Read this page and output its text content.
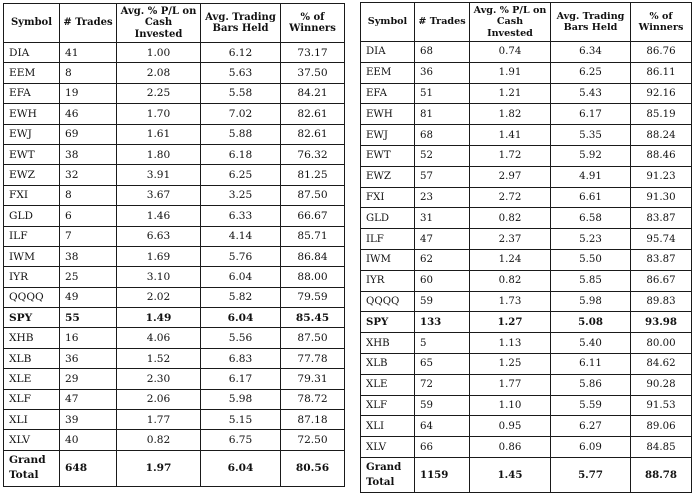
Symbol	# Trades	Avg. % P/L on Cash Invested	Avg. Trading Bars Held	% of Winners
DIA	41	1.00	6.12	73.17
EEM	8	2.08	5.63	37.50
EFA	19	2.25	5.58	84.21
EWH	46	1.70	7.02	82.61
EWJ	69	1.61	5.88	82.61
EWT	38	1.80	6.18	76.32
EWZ	32	3.91	6.25	81.25
FXI	8	3.67	3.25	87.50
GLD	6	1.46	6.33	66.67
ILF	7	6.63	4.14	85.71
IWM	38	1.69	5.76	86.84
IYR	25	3.10	6.04	88.00
QQQQ	49	2.02	5.82	79.59
SPY	55	1.49	6.04	85.45
XHB	16	4.06	5.56	87.50
XLB	36	1.52	6.83	77.78
XLE	29	2.30	6.17	79.31
XLF	47	2.06	5.98	78.72
XLI	39	1.77	5.15	87.18
XLV	40	0.82	6.75	72.50
Grand Total	648	1.97	6.04	80.56
Symbol	# Trades	Avg. % P/L on Cash Invested	Avg. Trading Bars Held	% of Winners
DIA	68	0.74	6.34	86.76
EEM	36	1.91	6.25	86.11
EFA	51	1.21	5.43	92.16
EWH	81	1.82	6.17	85.19
EWJ	68	1.41	5.35	88.24
EWT	52	1.72	5.92	88.46
EWZ	57	2.97	4.91	91.23
FXI	23	2.72	6.61	91.30
GLD	31	0.82	6.58	83.87
ILF	47	2.37	5.23	95.74
IWM	62	1.24	5.50	83.87
IYR	60	0.82	5.85	86.67
QQQQ	59	1.73	5.98	89.83
SPY	133	1.27	5.08	93.98
XHB	5	1.13	5.40	80.00
XLB	65	1.25	6.11	84.62
XLE	72	1.77	5.86	90.28
XLF	59	1.10	5.59	91.53
XLI	64	0.95	6.27	89.06
XLV	66	0.86	6.09	84.85
Grand Total	1159	1.45	5.77	88.78
